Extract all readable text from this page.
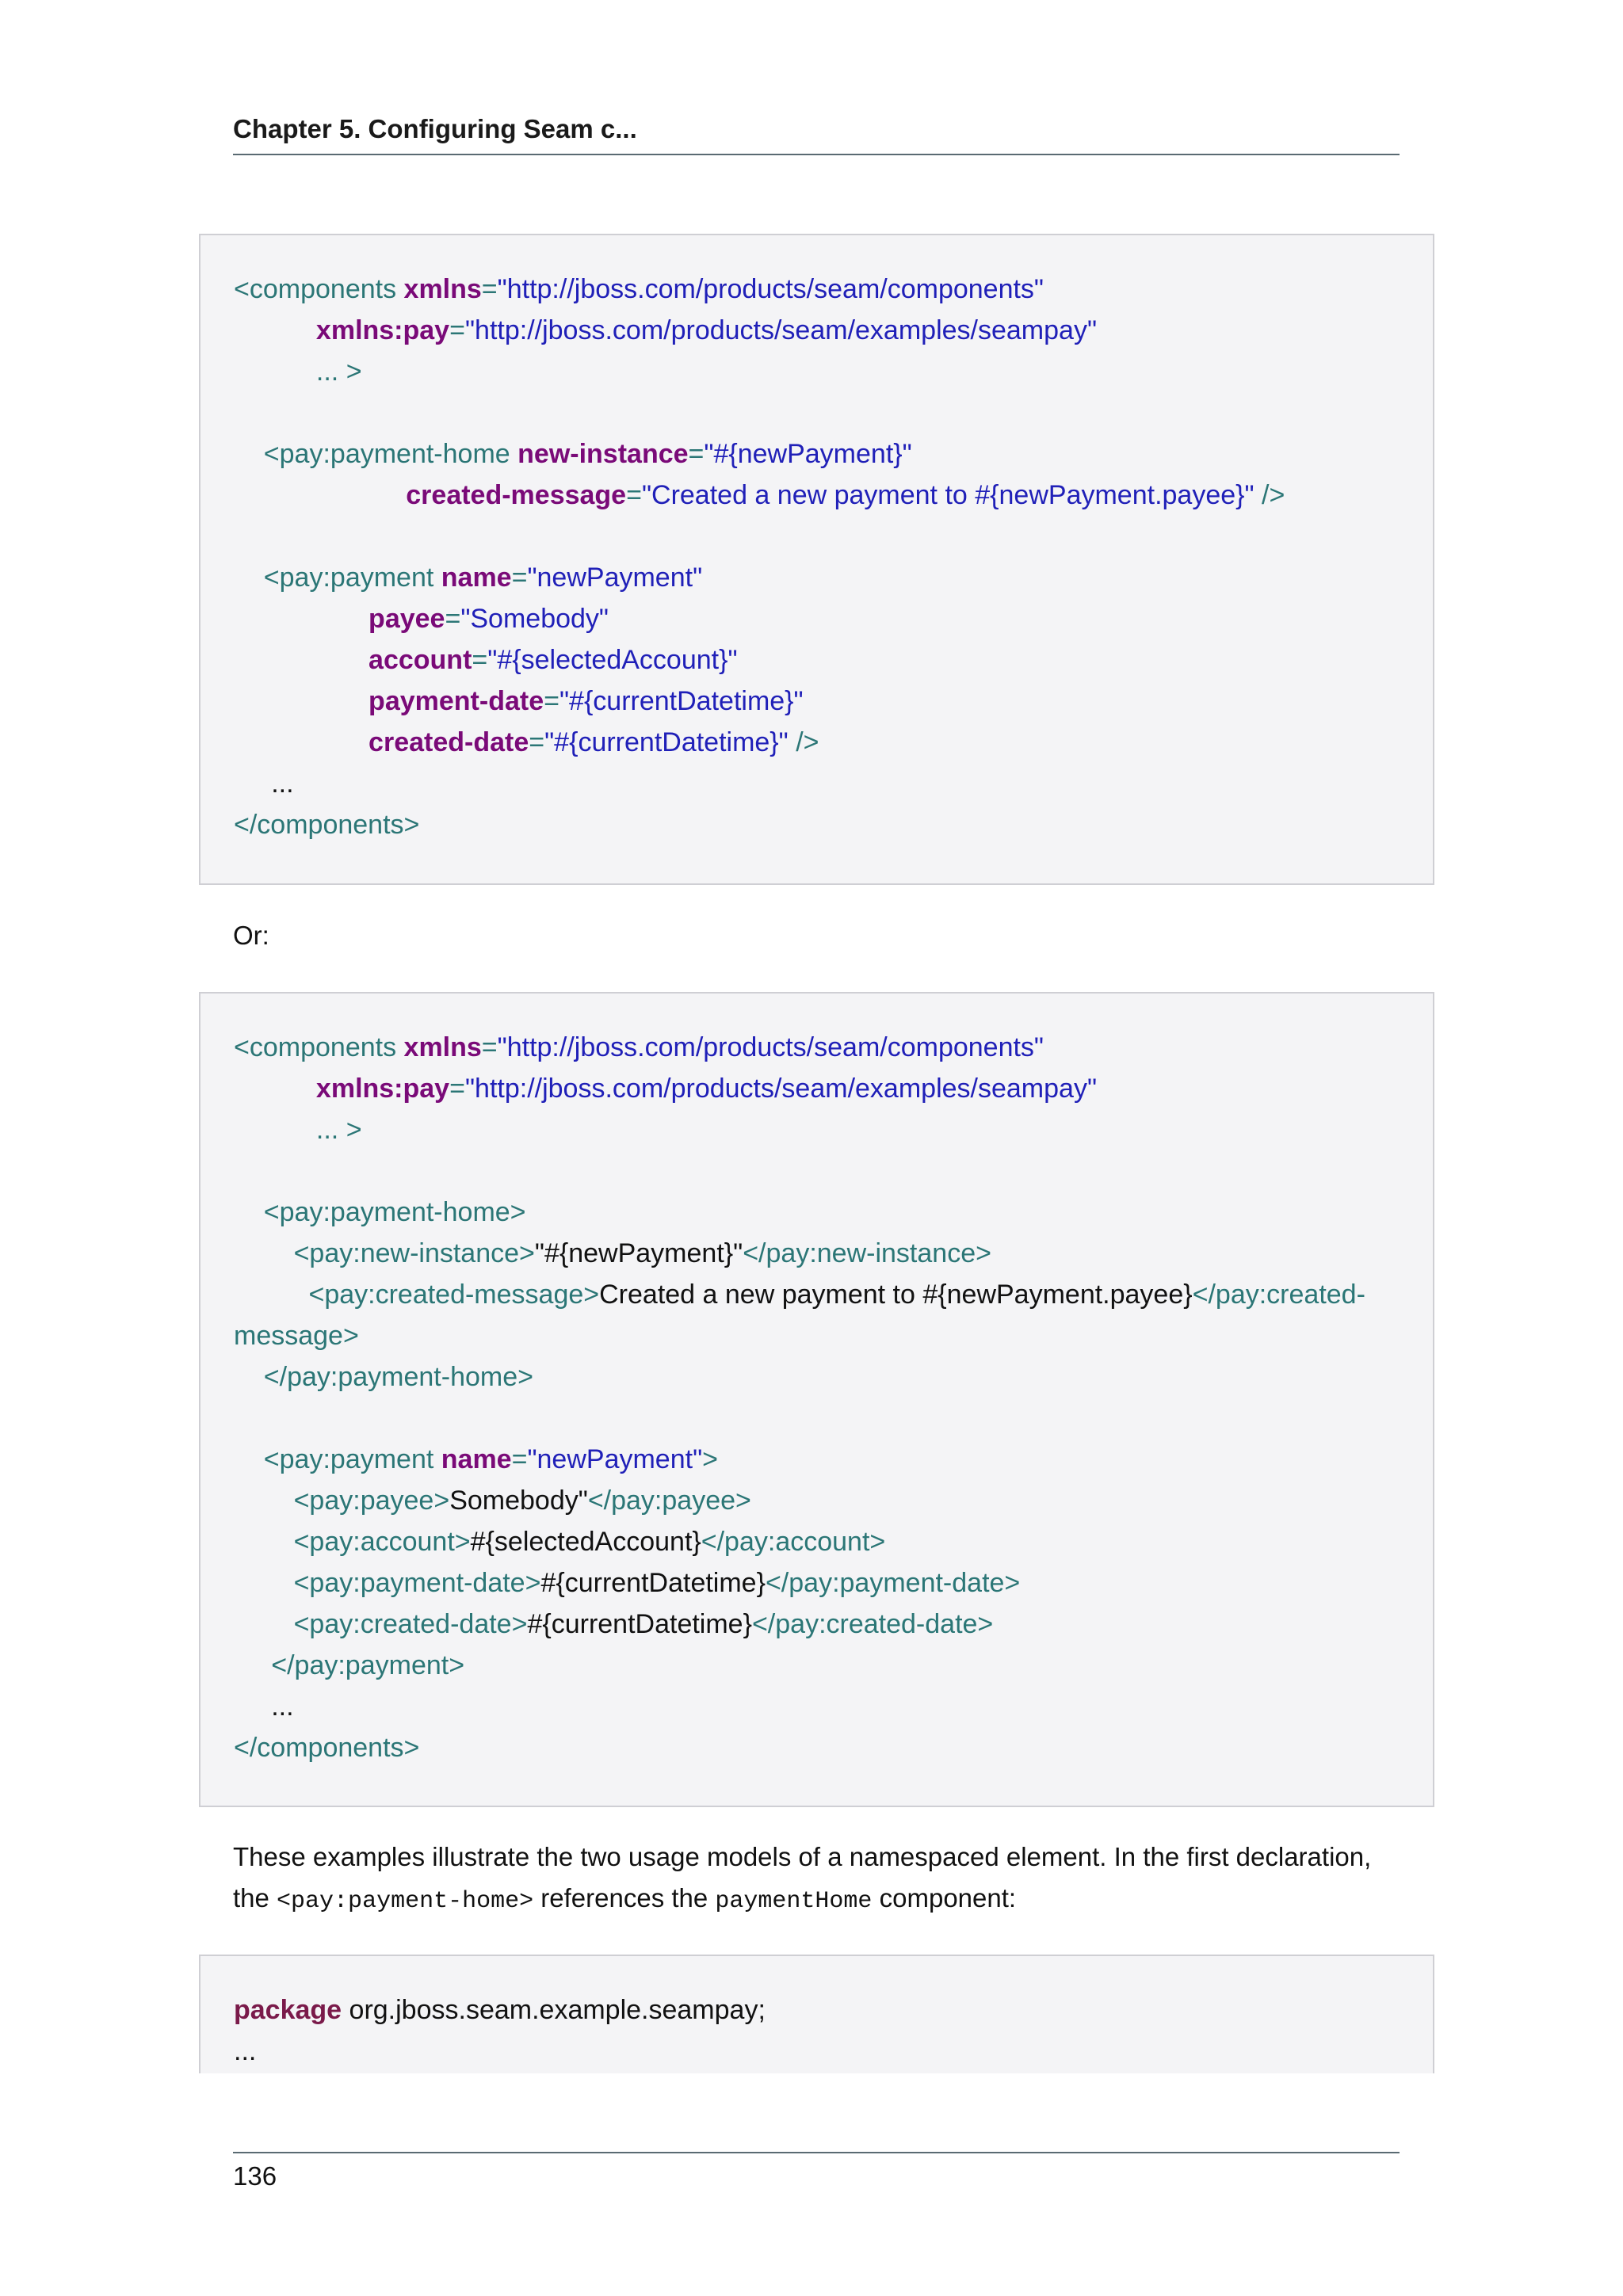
Chapter 5. Configuring Seam c...
<components xmlns="http://jboss.com/products/seam/components"
xmlns:pay="http://jboss.com/products/seam/examples/seampay"
... >
<pay:payment-home new-instance="#{newPayment}"
created-message="Created a new payment to #{newPayment.payee}" />
<pay:payment name="newPayment"
payee="Somebody"
account="#{selectedAccount}"
payment-date="#{currentDatetime}"
created-date="#{currentDatetime}" />
...
</components>
Or:
<components xmlns="http://jboss.com/products/seam/components"
xmlns:pay="http://jboss.com/products/seam/examples/seampay"
... >
<pay:payment-home>
<pay:new-instance>"#{newPayment}"</pay:new-instance>
<pay:created-message>Created a new payment to #{newPayment.payee}</pay:created-
message>
</pay:payment-home>
<pay:payment name="newPayment">
<pay:payee>Somebody"</pay:payee>
<pay:account>#{selectedAccount}</pay:account>
<pay:payment-date>#{currentDatetime}</pay:payment-date>
<pay:created-date>#{currentDatetime}</pay:created-date>
</pay:payment>
...
</components>
These examples illustrate the two usage models of a namespaced element. In the first declaration,
the <pay:payment-home> references the paymentHome component:
package org.jboss.seam.example.seampay;
...
136
